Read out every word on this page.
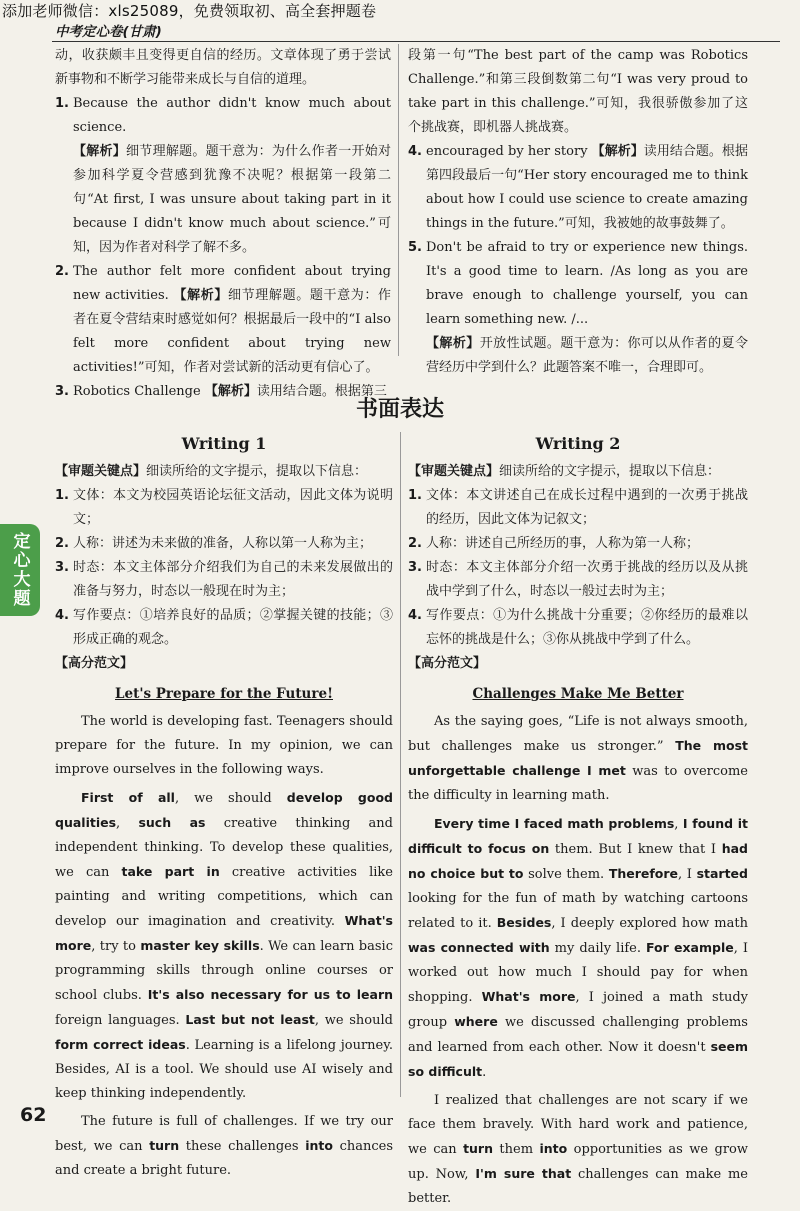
添加老师微信：xls25089，免费领取初、高全套押题卷
中考定心卷(甘肃)

动，收获颇丰且变得更自信的经历。文章体现了勇于尝试新事物和不断学习能带来成长与自信的道理。

1. Because the author didn't know much about science.
【解析】细节理解题。题干意为：为什么作者一开始对参加科学夏令营感到犹豫不决呢？根据第一段第二句“At first, I was unsure about taking part in it because I didn't know much about science.”可知，因为作者对科学了解不多。

2. The author felt more confident about trying new activities. 【解析】细节理解题。题干意为：作者在夏令营结束时感觉如何？根据最后一段中的“I also felt more confident about trying new activities!”可知，作者对尝试新的活动更有信心了。

3. Robotics Challenge 【解析】读用结合题。根据第三

段第一句“The best part of the camp was Robotics Challenge.”和第三段倒数第二句“I was very proud to take part in this challenge.”可知，我很骄傲参加了这个挑战赛，即机器人挑战赛。

4. encouraged by her story 【解析】读用结合题。根据第四段最后一句“Her story encouraged me to think about how I could use science to create amazing things in the future.”可知，我被她的故事鼓舞了。

5. Don't be afraid to try or experience new things. It's a good time to learn. /As long as you are brave enough to challenge yourself, you can learn something new. /...
【解析】开放性试题。题干意为：你可以从作者的夏令营经历中学到什么？此题答案不唯一，合理即可。

书面表达
Writing 1

【审题关键点】细读所给的文字提示，提取以下信息：

1. 文体：本文为校园英语论坛征文活动，因此文体为说明文；

2. 人称：讲述为未来做的准备，人称以第一人称为主；

3. 时态：本文主体部分介绍我们为自己的未来发展做出的准备与努力，时态以一般现在时为主；

4. 写作要点：①培养良好的品质；②掌握关键的技能；③形成正确的观念。

【高分范文】

Let's Prepare for the Future!

The world is developing fast. Teenagers should prepare for the future. In my opinion, we can improve ourselves in the following ways.

First of all, we should develop good qualities, such as creative thinking and independent thinking. To develop these qualities, we can take part in creative activities like painting and writing competitions, which can develop our imagination and creativity. What's more, try to master key skills. We can learn basic programming skills through online courses or school clubs. It's also necessary for us to learn foreign languages. Last but not least, we should form correct ideas. Learning is a lifelong journey. Besides, AI is a tool. We should use AI wisely and keep thinking independently.

The future is full of challenges. If we try our best, we can turn these challenges into chances and create a bright future.

Writing 2

【审题关键点】细读所给的文字提示，提取以下信息：

1. 文体：本文讲述自己在成长过程中遇到的一次勇于挑战的经历，因此文体为记叙文；

2. 人称：讲述自己所经历的事，人称为第一人称；

3. 时态：本文主体部分介绍一次勇于挑战的经历以及从挑战中学到了什么，时态以一般过去时为主；

4. 写作要点：①为什么挑战十分重要；②你经历的最难以忘怀的挑战是什么；③你从挑战中学到了什么。

【高分范文】

Challenges Make Me Better

As the saying goes, “Life is not always smooth, but challenges make us stronger.” The most unforgettable challenge I met was to overcome the difficulty in learning math.

Every time I faced math problems, I found it difficult to focus on them. But I knew that I had no choice but to solve them. Therefore, I started looking for the fun of math by watching cartoons related to it. Besides, I deeply explored how math was connected with my daily life. For example, I worked out how much I should pay for when shopping. What's more, I joined a math study group where we discussed challenging problems and learned from each other. Now it doesn't seem so difficult.

I realized that challenges are not scary if we face them bravely. With hard work and patience, we can turn them into opportunities as we grow up. Now, I'm sure that challenges can make me better.

定心大题
62
